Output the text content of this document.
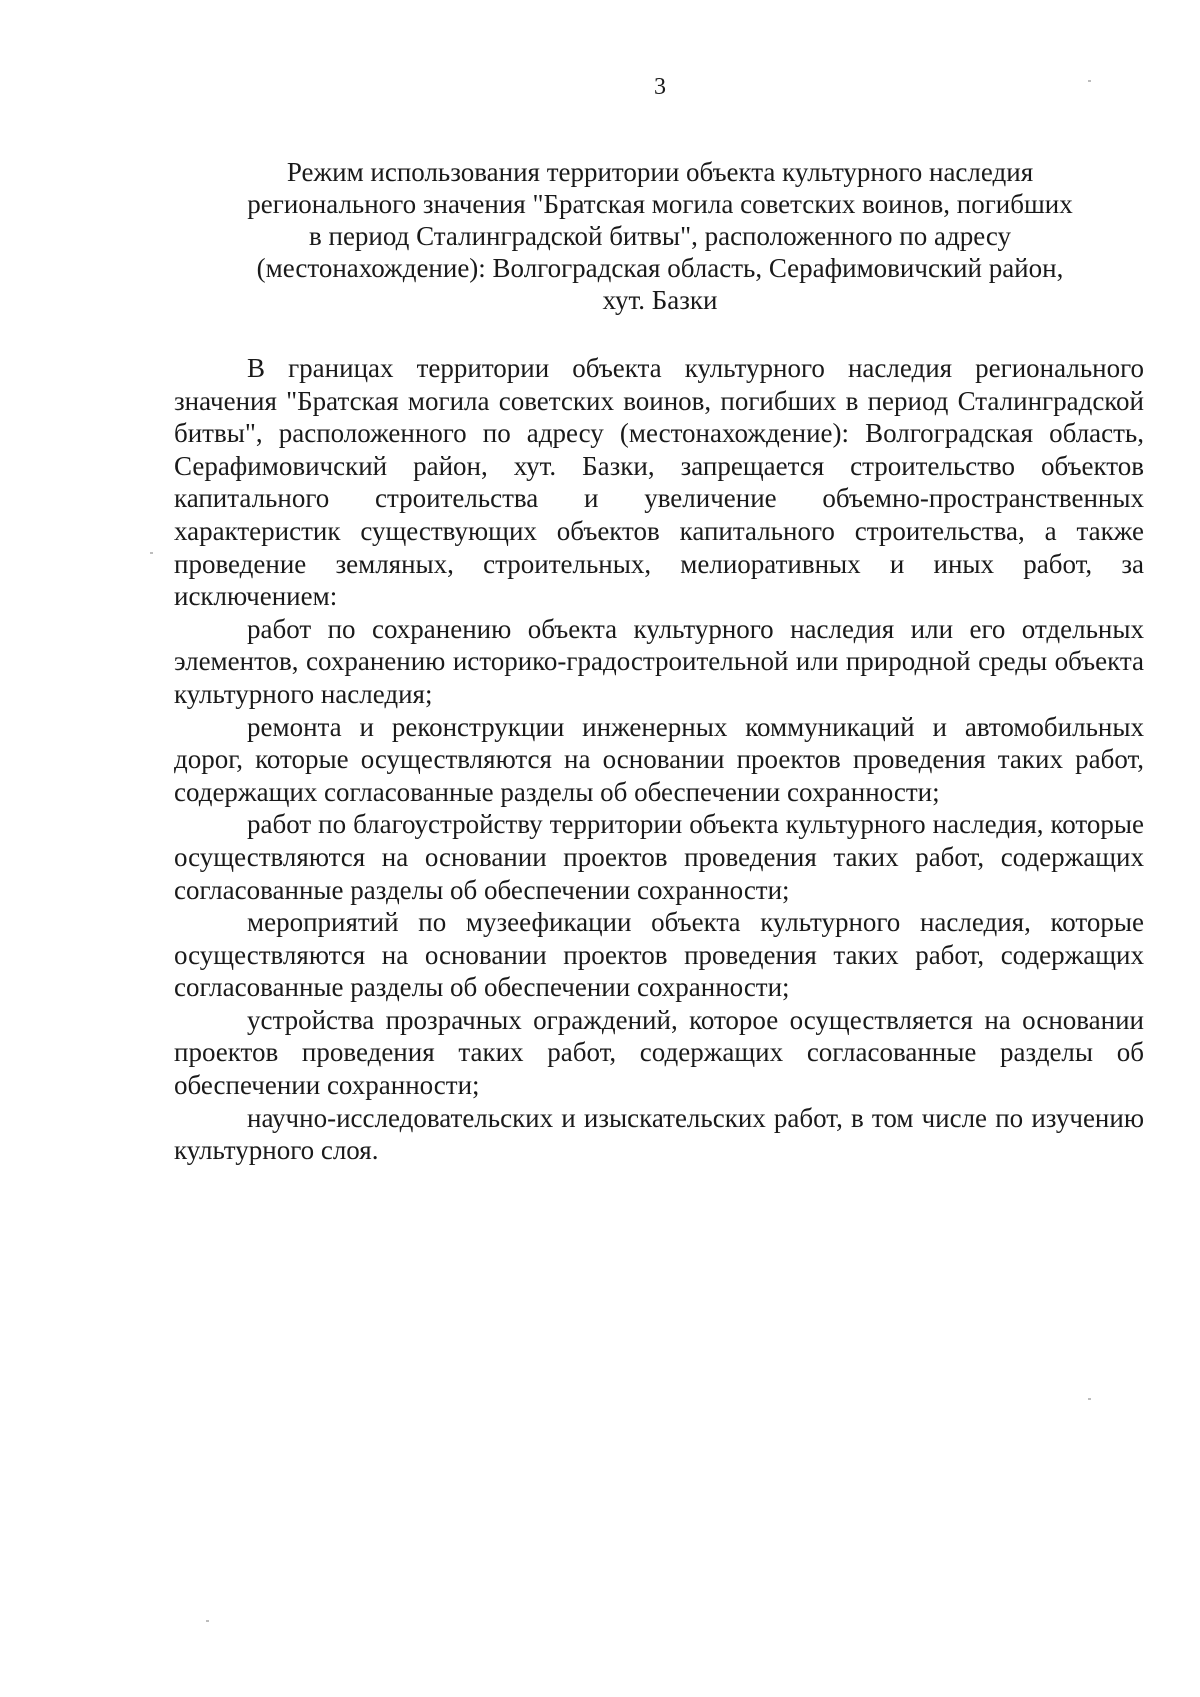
3
Режим использования территории объекта культурного наследия
регионального значения "Братская могила советских воинов, погибших
в период Сталинградской битвы", расположенного по адресу
(местонахождение): Волгоградская область, Серафимовичский район,
хут. Базки

В границах территории объекта культурного наследия регионального значения "Братская могила советских воинов, погибших в период Сталинградской битвы", расположенного по адресу (местонахождение): Волгоградская область, Серафимовичский район, хут. Базки, запрещается строительство объектов капитального строительства и увеличение объемно-пространственных характеристик существующих объектов капитального строительства, а также проведение земляных, строительных, мелиоративных и иных работ, за исключением:

работ по сохранению объекта культурного наследия или его отдельных элементов, сохранению историко-градостроительной или природной среды объекта культурного наследия;

ремонта и реконструкции инженерных коммуникаций и автомобильных дорог, которые осуществляются на основании проектов проведения таких работ, содержащих согласованные разделы об обеспечении сохранности;

работ по благоустройству территории объекта культурного наследия, которые осуществляются на основании проектов проведения таких работ, содержащих согласованные разделы об обеспечении сохранности;

мероприятий по музеефикации объекта культурного наследия, которые осуществляются на основании проектов проведения таких работ, содержащих согласованные разделы об обеспечении сохранности;

устройства прозрачных ограждений, которое осуществляется на основании проектов проведения таких работ, содержащих согласованные разделы об обеспечении сохранности;

научно-исследовательских и изыскательских работ, в том числе по изучению культурного слоя.
